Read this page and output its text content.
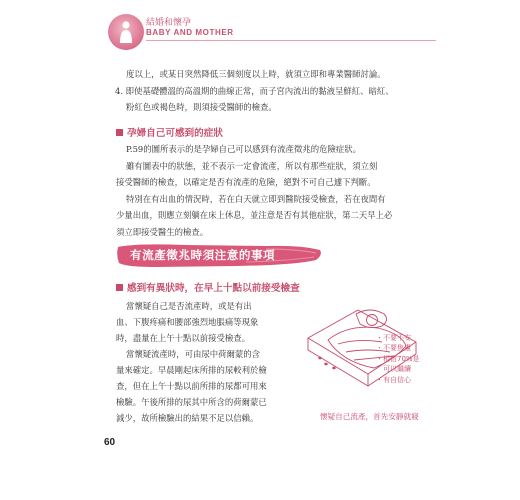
結婚和懷孕
BABY AND MOTHER
度以上，或某日突然降低三個刻度以上時，就須立即和專業醫師討論。
4. 即使基礎體溫的高溫期的曲線正常，而子宮內流出的黏液呈鮮紅、暗紅、
粉紅色或褐色時，則須接受醫師的檢查。
孕婦自己可感到的症狀
P.59的圖所表示的是孕婦自己可以感到有流產徵兆的危險症狀。
雖有圖表中的狀態，並不表示一定會流產，所以有那些症狀，須立刻
接受醫師的檢查，以確定是否有流產的危險，絕對不可自己遽下判斷。
特別在有出血的情況時，若在白天就立即到醫院接受檢查，若在夜間有
少量出血，則應立刻躺在床上休息，並注意是否有其他症狀，第二天早上必
須立即接受醫生的檢查。
有流產徵兆時須注意的事項
感到有異狀時，在早上十點以前接受檢查
當懷疑自己是否流產時，或是有出
血、下腹疼痛和腰部強烈地脹痛等現象
時，盡量在上午十點以前接受檢查。
當懷疑流產時，可由尿中荷爾蒙的含
量來確定。早晨剛起床所排的尿較利於檢
查，但在上午十點以前所排的尿都可用來
檢驗。午後所排的尿其中所含的荷爾蒙已
減少，故所檢驗出的結果不足以信賴。
・不要不安
・不要焦慮
・相信70%是
　可以繼續
・有自信心
懷疑自己流產，首先安靜就寢
60
